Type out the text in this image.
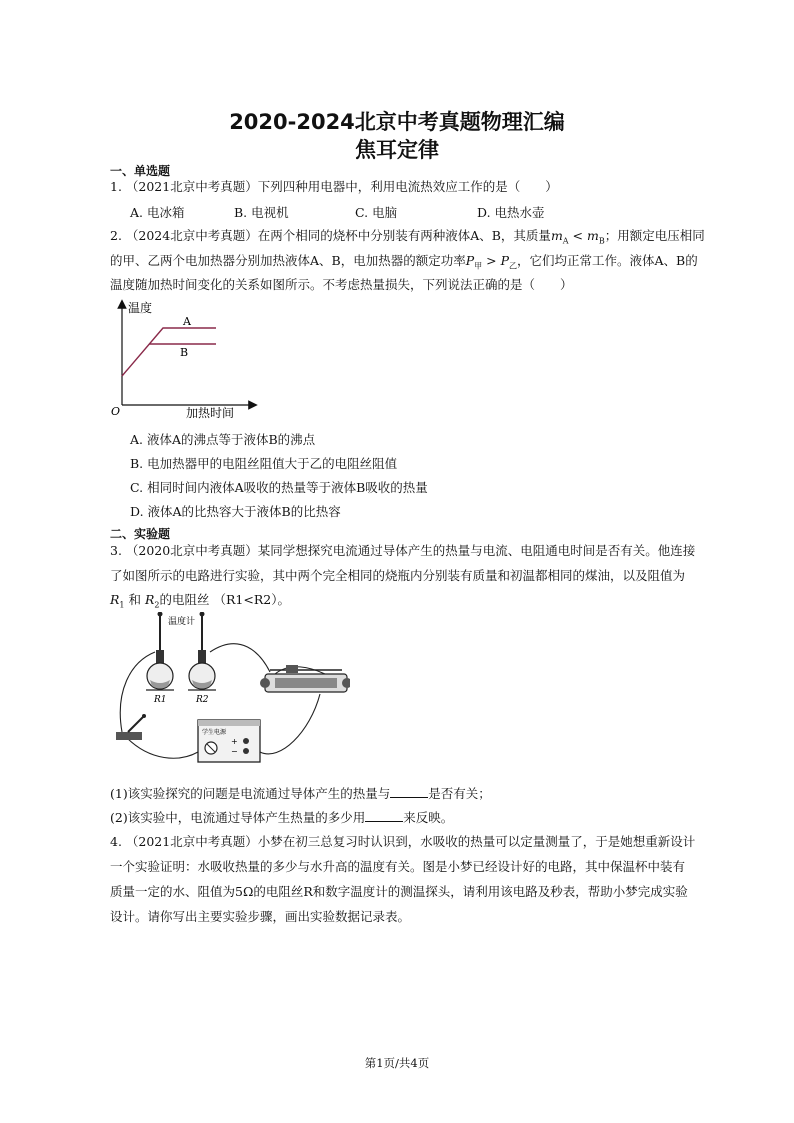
2020-2024北京中考真题物理汇编
焦耳定律
一、单选题
1. （2021北京中考真题）下列四种用电器中，利用电流热效应工作的是（　　）
A. 电冰箱	B. 电视机	C. 电脑	D. 电热水壶
2. （2024北京中考真题）在两个相同的烧杯中分别装有两种液体A、B，其质量$m_A < m_B$；用额定电压相同
的甲、乙两个电加热器分别加热液体A、B，电加热器的额定功率$P_甲 > P_乙$，它们均正常工作。液体A、B的
温度随加热时间变化的关系如图所示。不考虑热量损失，下列说法正确的是（　　）
温度
A
B
O	加热时间
A. 液体A的沸点等于液体B的沸点
B. 电加热器甲的电阻丝阻值大于乙的电阻丝阻值
C. 相同时间内液体A吸收的热量等于液体B吸收的热量
D. 液体A的比热容大于液体B的比热容
二、实验题
3. （2020北京中考真题）某同学想探究电流通过导体产生的热量与电流、电阻通电时间是否有关。他连接
了如图所示的电路进行实验，其中两个完全相同的烧瓶内分别装有质量和初温都相同的煤油，以及阻值为
$R_1$ 和 $R_2$的电阻丝 （R1<R2）。
温度计
R1	R2
+
−
学生电源
(1)该实验探究的问题是电流通过导体产生的热量与	是否有关；
(2)该实验中，电流通过导体产生热量的多少用	来反映。
4. （2021北京中考真题）小梦在初三总复习时认识到，水吸收的热量可以定量测量了，于是她想重新设计
一个实验证明：水吸收热量的多少与水升高的温度有关。图是小梦已经设计好的电路，其中保温杯中装有
质量一定的水、阻值为5Ω的电阻丝R和数字温度计的测温探头，请利用该电路及秒表，帮助小梦完成实验
设计。请你写出主要实验步骤，画出实验数据记录表。
第1页/共4页
